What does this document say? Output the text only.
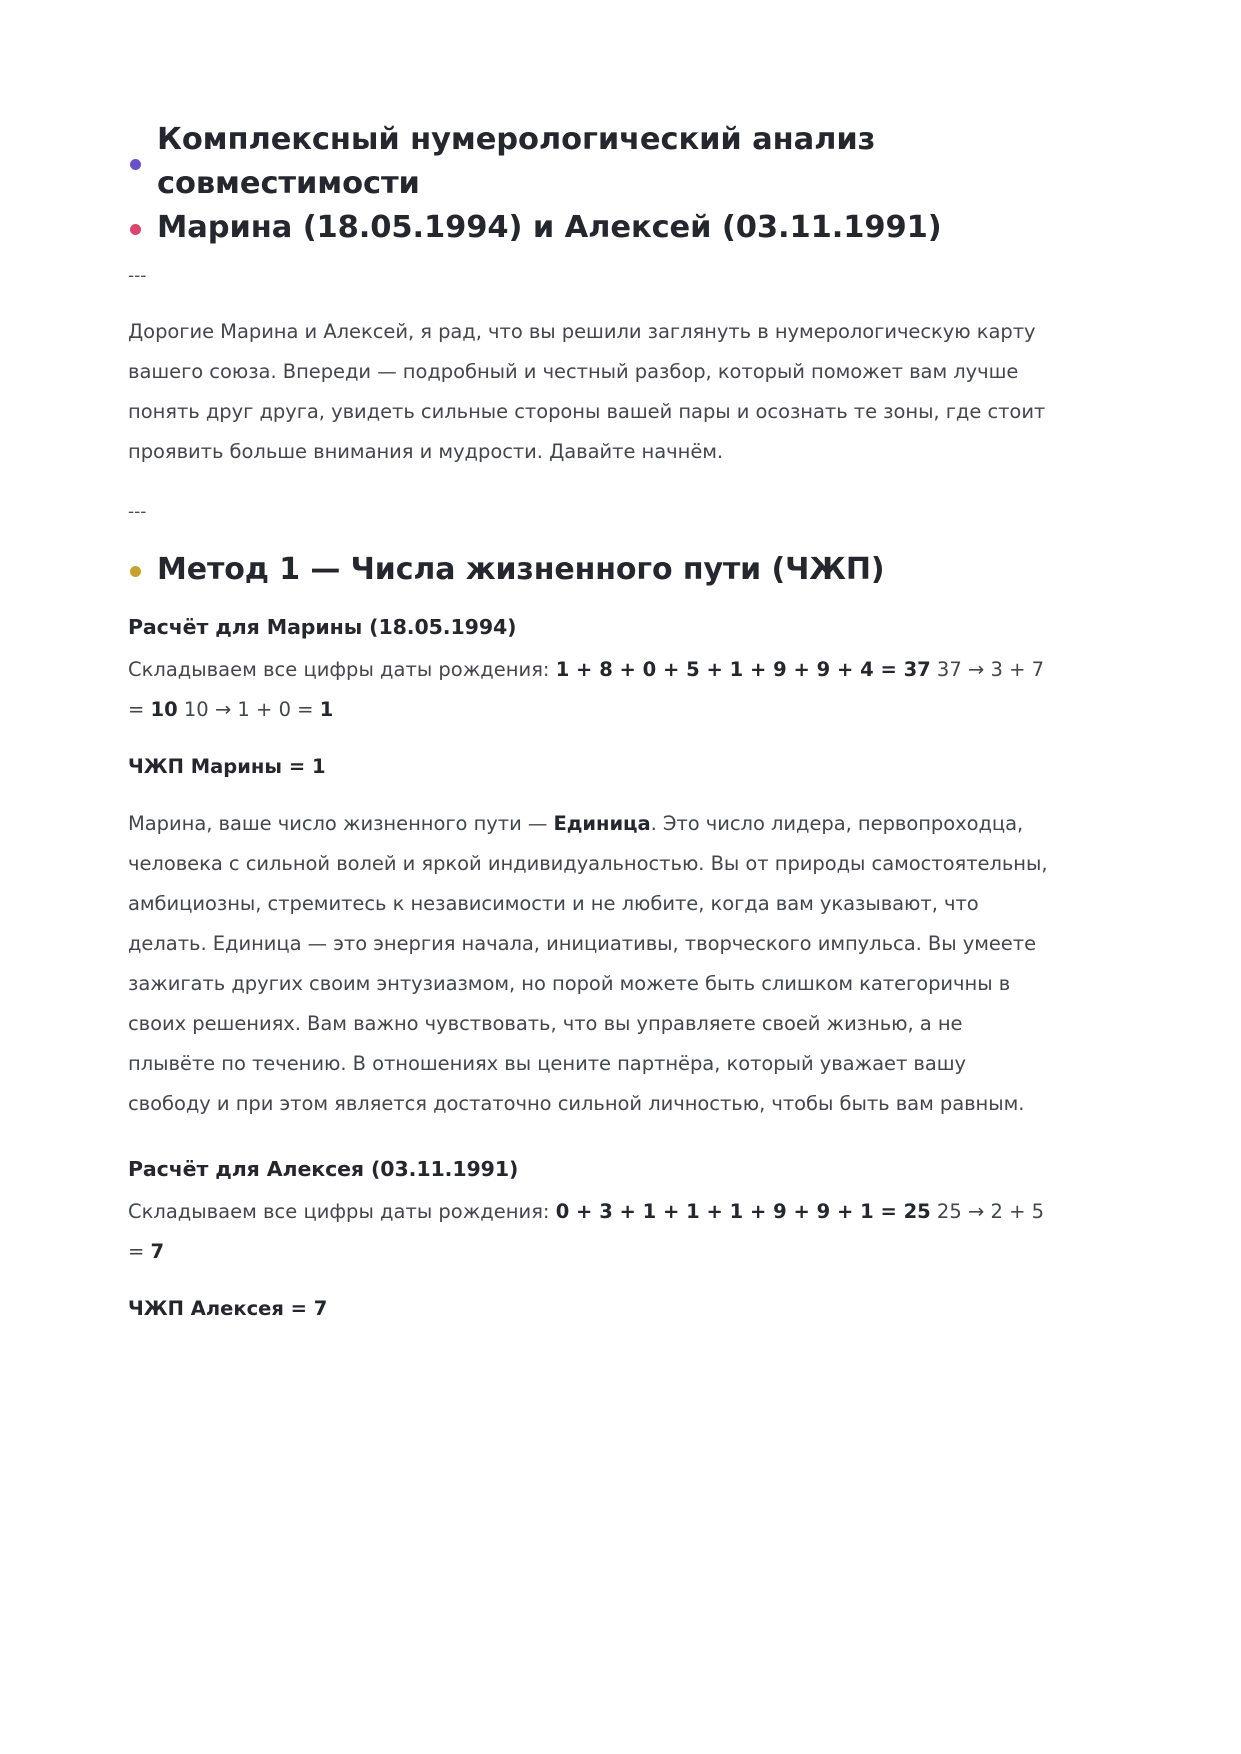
Комплексный нумерологический анализ совместимости
Марина (18.05.1994) и Алексей (03.11.1991)
---

Дорогие Марина и Алексей, я рад, что вы решили заглянуть в нумерологическую карту вашего союза. Впереди — подробный и честный разбор, который поможет вам лучше понять друг друга, увидеть сильные стороны вашей пары и осознать те зоны, где стоит проявить больше внимания и мудрости. Давайте начнём.

---
Метод 1 — Числа жизненного пути (ЧЖП)
Расчёт для Марины (18.05.1994)

Складываем все цифры даты рождения: 1 + 8 + 0 + 5 + 1 + 9 + 9 + 4 = 37 37 → 3 + 7 = 10 10 → 1 + 0 = 1

ЧЖП Марины = 1

Марина, ваше число жизненного пути — Единица. Это число лидера, первопроходца, человека с сильной волей и яркой индивидуальностью. Вы от природы самостоятельны, амбициозны, стремитесь к независимости и не любите, когда вам указывают, что делать. Единица — это энергия начала, инициативы, творческого импульса. Вы умеете зажигать других своим энтузиазмом, но порой можете быть слишком категоричны в своих решениях. Вам важно чувствовать, что вы управляете своей жизнью, а не плывёте по течению. В отношениях вы цените партнёра, который уважает вашу свободу и при этом является достаточно сильной личностью, чтобы быть вам равным.

Расчёт для Алексея (03.11.1991)

Складываем все цифры даты рождения: 0 + 3 + 1 + 1 + 1 + 9 + 9 + 1 = 25 25 → 2 + 5 = 7

ЧЖП Алексея = 7
